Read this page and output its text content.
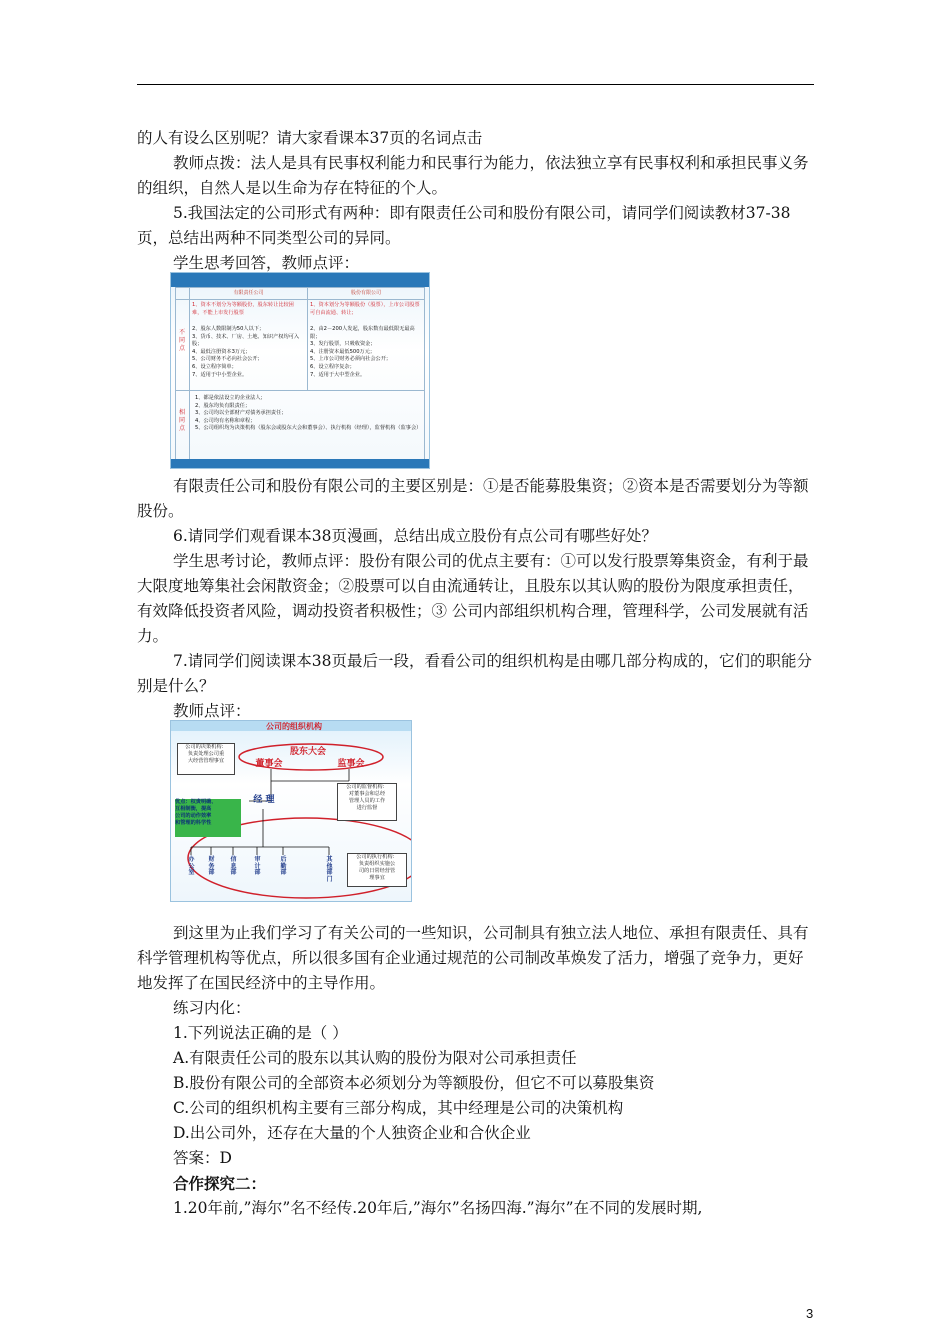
的人有设么区别呢？请大家看课本37页的名词点击

教师点拨：法人是具有民事权利能力和民事行为能力，依法独立享有民事权利和承担民事义务的组织，自然人是以生命为存在特征的个人。

5.我国法定的公司形式有两种：即有限责任公司和股份有限公司，请同学们阅读教材37-38页，总结出两种不同类型公司的异同。

学生思考回答，教师点评：

有限责任公司	股份有限公司
不同点
相同点
1、资本不划分为等额股份，股东转让比较困难，不能上市发行股票
2、股东人数限制为50人以下；
3、货币、技术、厂房、土地、知识产权均可入股；
4、最低注册资本3万元；
5、公司财务不必向社会公开；
6、设立程序简单；
7、适用于中小型企业。
1、资本划分为等额股份（股票），上市公司股票可自由流通、转让；
2、由2－200人发起，股东数有最低限无最高限；
3、发行股票，只吸收资金；
4、注册资本最低500万元；
5、上市公司财务必须向社会公开；
6、设立程序复杂；
7、适用于大中型企业。
1、都是依法设立的企业法人；
2、股东均负有限责任；
3、公司均以全部财产对债务承担责任；
4、公司均有名称和章程；
5、公司组织均为决策机构（股东会或股东大会和董事会）、执行机构（经理），监督机构（监事会）

有限责任公司和股份有限公司的主要区别是：①是否能募股集资；②资本是否需要划分为等额股份。

6.请同学们观看课本38页漫画，总结出成立股份有点公司有哪些好处？

学生思考讨论，教师点评：股份有限公司的优点主要有：①可以发行股票筹集资金，有利于最大限度地筹集社会闲散资金；②股票可以自由流通转让，且股东以其认购的股份为限度承担责任，有效降低投资者风险，调动投资者积极性；③ 公司内部组织机构合理，管理科学，公司发展就有活力。

7.请同学们阅读课本38页最后一段，看看公司的组织机构是由哪几部分构成的，它们的职能分别是什么？

教师点评：

公司的组织机构
股东大会
董事会	监事会
经 理
公司的决策机构：
负责处理公司重
大经营管理事宜
公司的监督机构：
对董事会和总经
管理人员的工作
进行监督
优点：权责明确、
互相制衡，提高
公司的动作效率
和管理的科学性
公司的执行机构：
负责组织实施公
司的日常经营管
理事宜
办公室
财务部
信息部
审计部
后勤部
其他部门

到这里为止我们学习了有关公司的一些知识，公司制具有独立法人地位、承担有限责任、具有科学管理机构等优点，所以很多国有企业通过规范的公司制改革焕发了活力，增强了竞争力，更好地发挥了在国民经济中的主导作用。

练习内化：

1.下列说法正确的是（ ）

A.有限责任公司的股东以其认购的股份为限对公司承担责任

B.股份有限公司的全部资本必须划分为等额股份，但它不可以募股集资

C.公司的组织机构主要有三部分构成，其中经理是公司的决策机构

D.出公司外，还存在大量的个人独资企业和合伙企业

答案：D

合作探究二：

1.20年前,”海尔”名不经传.20年后,”海尔”名扬四海.”海尔”在不同的发展时期,

3
